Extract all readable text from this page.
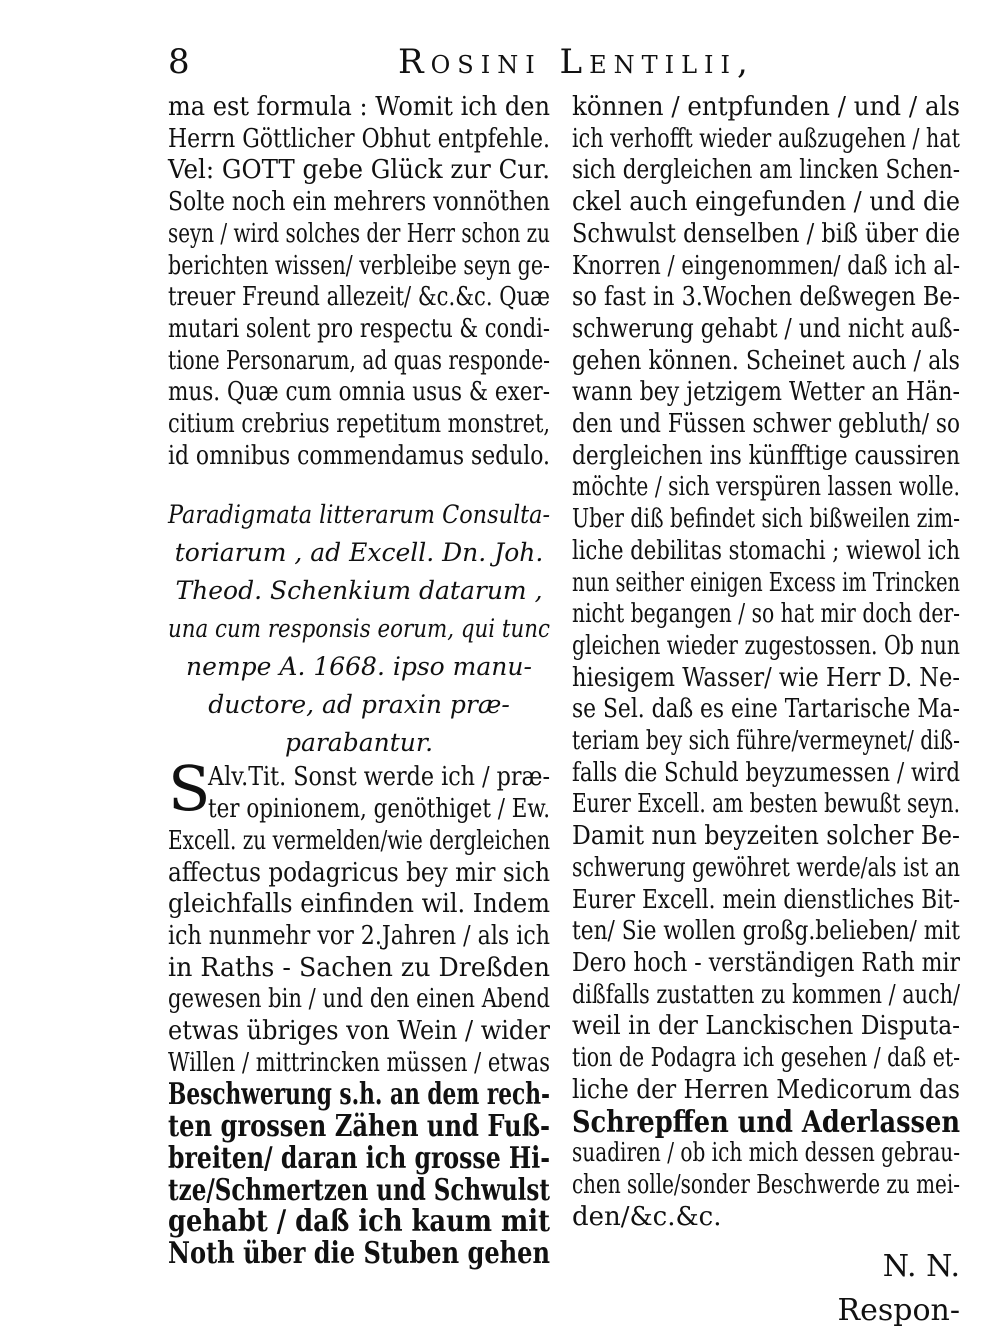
8	Rosini Lentilii,
ma est formula : Womit ich den
Herrn Göttlicher Obhut entpfehle.
Vel: GOTT gebe Glück zur Cur.
Solte noch ein mehrers vonnöthen
seyn / wird solches der Herr schon zu
berichten wissen/ verbleibe seyn ge-
treuer Freund allezeit/ &c.&c. Quæ
mutari solent pro respectu & condi-
tione Personarum, ad quas responde-
mus. Quæ cum omnia usus & exer-
citium crebrius repetitum monstret,
id omnibus commendamus sedulo.
Paradigmata litterarum Consulta-
toriarum , ad Excell. Dn. Joh.
Theod. Schenkium datarum ,
una cum responsis eorum, qui tunc
nempe A. 1668. ipso manu-
ductore, ad praxin præ-
parabantur.
S
Alv.Tit. Sonst werde ich / præ-
ter opinionem, genöthiget / Ew.
Excell. zu vermelden/wie dergleichen
affectus podagricus bey mir sich
gleichfalls einfinden wil. Indem
ich nunmehr vor 2.Jahren / als ich
in Raths - Sachen zu Dreßden
gewesen bin / und den einen Abend
etwas übriges von Wein / wider
Willen / mittrincken müssen / etwas
Beschwerung s.h. an dem rech-
ten grossen Zähen und Fuß-
breiten/ daran ich grosse Hi-
tze/Schmertzen und Schwulst
gehabt / daß ich kaum mit
Noth über die Stuben gehen
können / entpfunden / und / als
ich verhofft wieder außzugehen / hat
sich dergleichen am lincken Schen-
ckel auch eingefunden / und die
Schwulst denselben / biß über die
Knorren / eingenommen/ daß ich al-
so fast in 3.Wochen deßwegen Be-
schwerung gehabt / und nicht auß-
gehen können. Scheinet auch / als
wann bey jetzigem Wetter an Hän-
den und Füssen schwer gebluth/ so
dergleichen ins künfftige caussiren
möchte / sich verspüren lassen wolle.
Uber diß befindet sich bißweilen zim-
liche debilitas stomachi ; wiewol ich
nun seither einigen Excess im Trincken
nicht begangen / so hat mir doch der-
gleichen wieder zugestossen. Ob nun
hiesigem Wasser/ wie Herr D. Ne-
se Sel. daß es eine Tartarische Ma-
teriam bey sich führe/vermeynet/ diß-
falls die Schuld beyzumessen / wird
Eurer Excell. am besten bewußt seyn.
Damit nun beyzeiten solcher Be-
schwerung gewöhret werde/als ist an
Eurer Excell. mein dienstliches Bit-
ten/ Sie wollen großg.belieben/ mit
Dero hoch - verständigen Rath mir
dißfalls zustatten zu kommen / auch/
weil in der Lanckischen Disputa-
tion de Podagra ich gesehen / daß et-
liche der Herren Medicorum das
Schrepffen und Aderlassen
suadiren / ob ich mich dessen gebrau-
chen solle/sonder Beschwerde zu mei-
den/&c.&c.
N. N.
Respon-
